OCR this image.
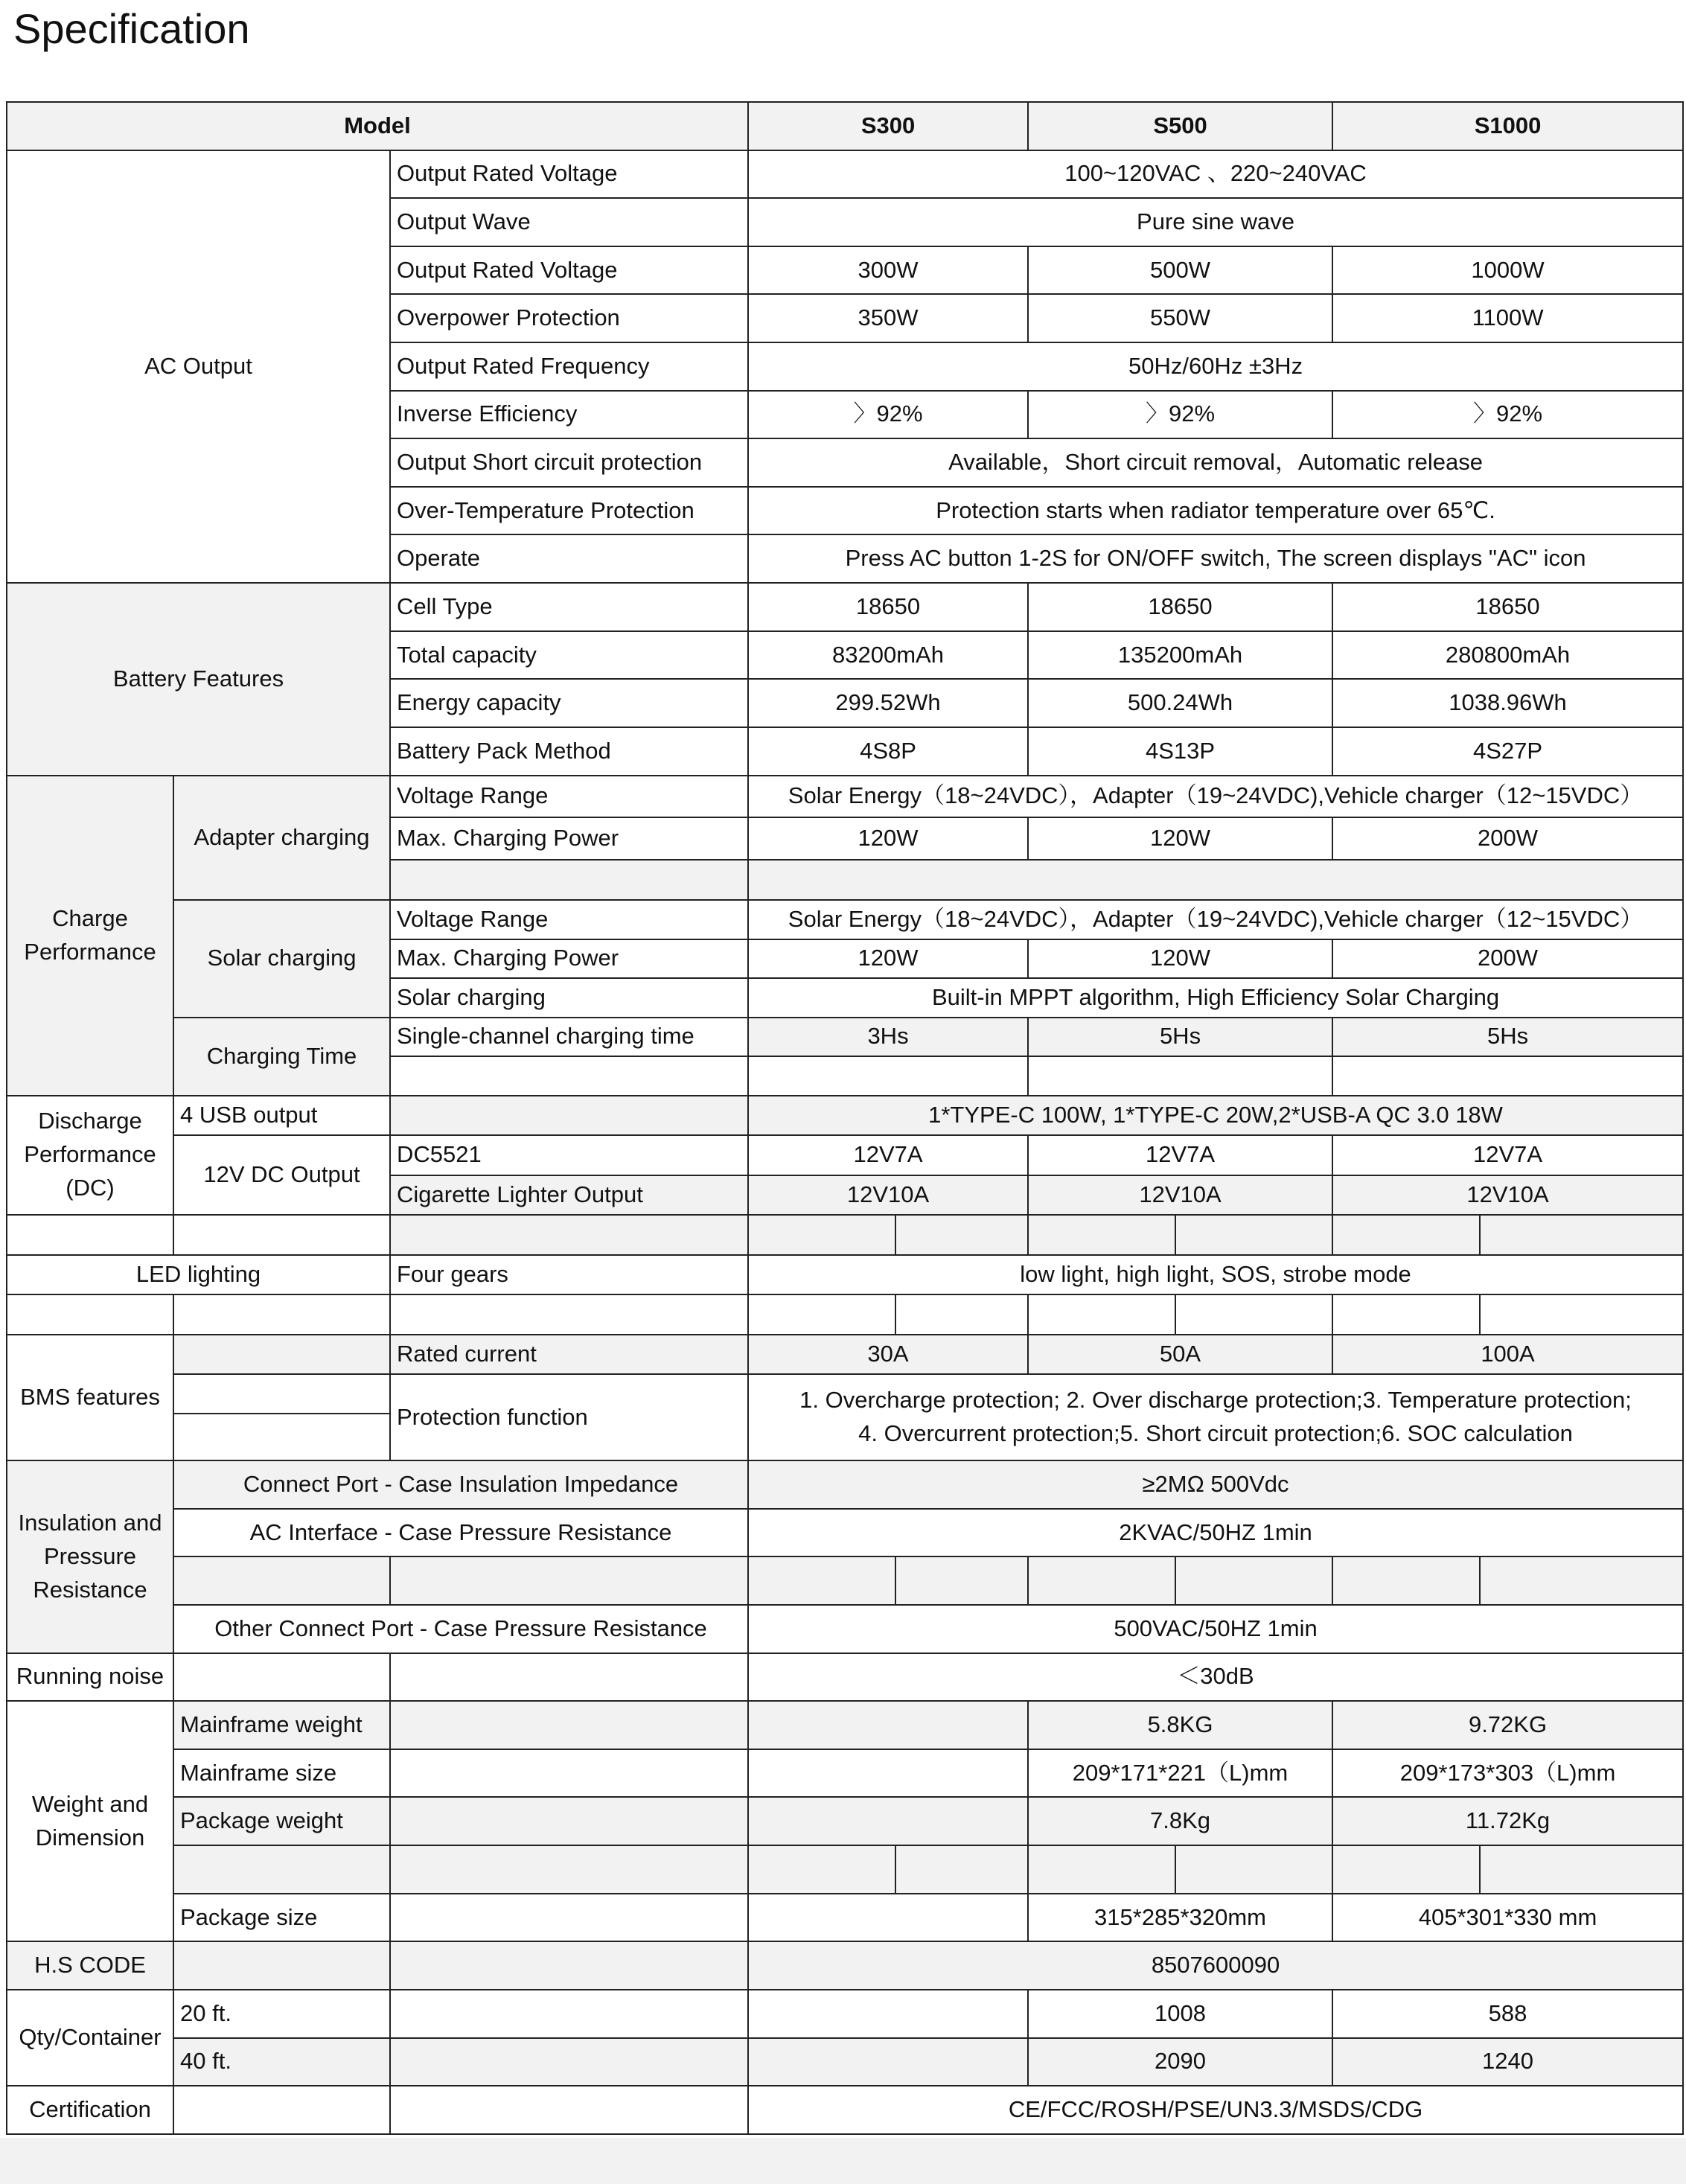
Specification
Model			S300		S500		S1000	
AC Output		Output Rated Voltage	100~120VAC 、220~240VAC					
		Output Wave	Pure sine wave					
		Output Rated Voltage	300W		500W		1000W	
		Overpower Protection	350W		550W		1100W	
		Output Rated Frequency	50Hz/60Hz ±3Hz					
		Inverse Efficiency	〉92%		〉92%		〉92%	
		Output Short circuit protection	Available，Short circuit removal，Automatic release					
		Over-Temperature Protection	Protection starts when radiator temperature over 65℃.					
		Operate	Press AC button 1-2S for ON/OFF switch, The screen displays "AC" icon					
Battery Features		Cell Type	18650		18650		18650	
		Total capacity	83200mAh		135200mAh		280800mAh	
		Energy capacity	299.52Wh		500.24Wh		1038.96Wh	
		Battery Pack Method	4S8P		4S13P		4S27P	
Charge Performance	Adapter charging	Voltage Range	Solar Energy（18~24VDC），Adapter（19~24VDC),Vehicle charger（12~15VDC）					
		Max. Charging Power	120W		120W		200W	

	Solar charging	Voltage Range	Solar Energy（18~24VDC），Adapter（19~24VDC),Vehicle charger（12~15VDC）					
		Max. Charging Power	120W		120W		200W	
		Solar charging	Built-in MPPT algorithm, High Efficiency Solar Charging					
	Charging Time	Single-channel charging time	3Hs		5Hs		5Hs	

Discharge Performance (DC)	4 USB output		1*TYPE-C 100W, 1*TYPE-C 20W,2*USB-A QC 3.0 18W					
	12V DC Output	DC5521	12V7A		12V7A		12V7A	
		Cigarette Lighter Output	12V10A		12V10A		12V10A	

LED lighting		Four gears	low light, high light, SOS, strobe mode					

BMS features		Rated current	30A		50A		100A	
		Protection function	1. Overcharge protection; 2. Over discharge protection;3. Temperature protection;
4. Overcurrent protection;5. Short circuit protection;6. SOC calculation					

Insulation and Pressure Resistance	Connect Port - Case Insulation Impedance		≥2MΩ 500Vdc					
	AC Interface - Case Pressure Resistance		2KVAC/50HZ 1min					

	Other Connect Port - Case Pressure Resistance		500VAC/50HZ 1min					
Running noise			＜30dB					
Weight and Dimension	Mainframe weight				5.8KG		9.72KG	
	Mainframe size				209*171*221（L)mm		209*173*303（L)mm	
	Package weight				7.8Kg		11.72Kg	

	Package size				315*285*320mm		405*301*330 mm	
H.S CODE			8507600090					
Qty/Container	20 ft.				1008		588	
	40 ft.				2090		1240	
Certification			CE/FCC/ROSH/PSE/UN3.3/MSDS/CDG					
